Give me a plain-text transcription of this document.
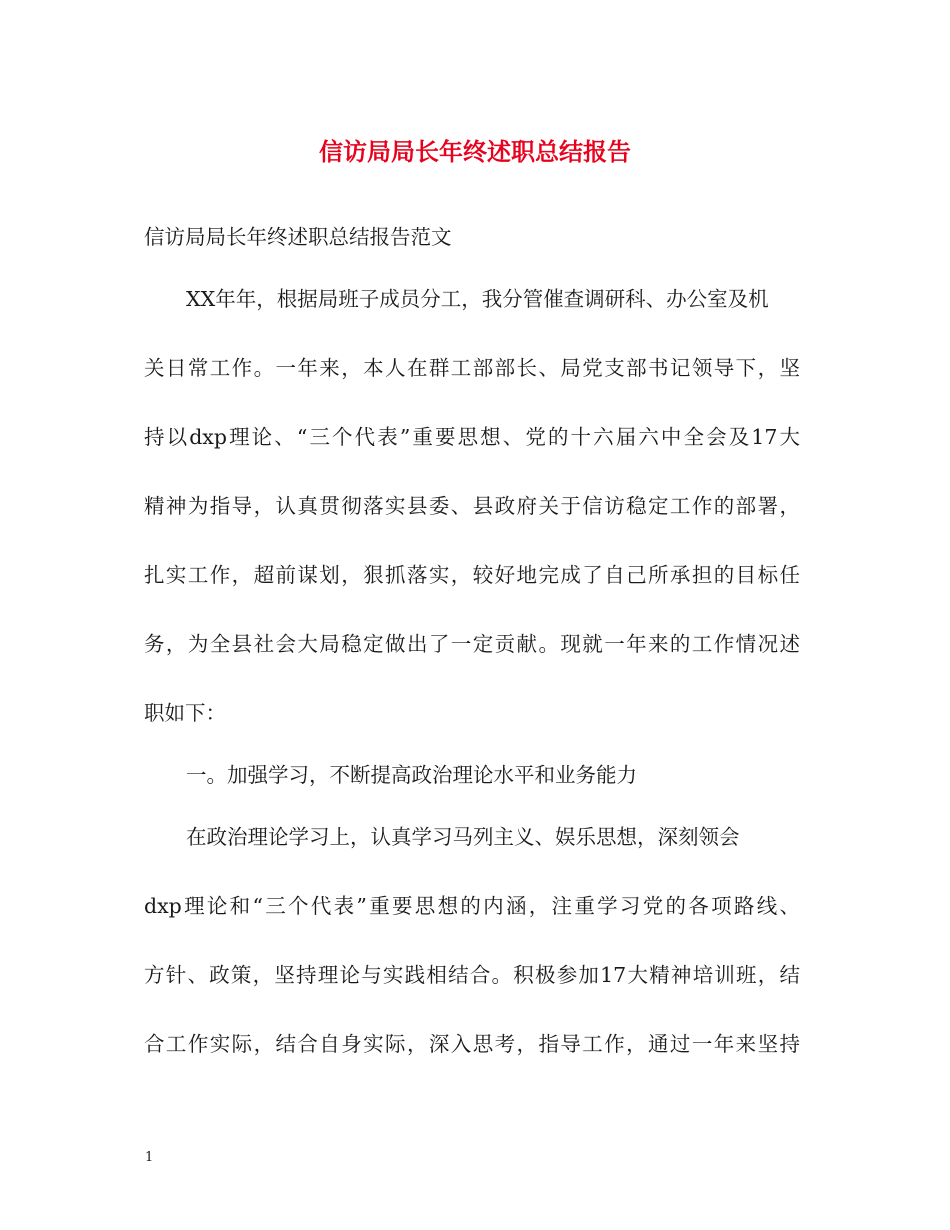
信访局局长年终述职总结报告
信访局局长年终述职总结报告范文
XX年年，根据局班子成员分工，我分管催查调研科、办公室及机
关日常工作。一年来，本人在群工部部长、局党支部书记领导下，坚
持以dxp理论、“三个代表”重要思想、党的十六届六中全会及17大
精神为指导，认真贯彻落实县委、县政府关于信访稳定工作的部署，
扎实工作，超前谋划，狠抓落实，较好地完成了自己所承担的目标任
务，为全县社会大局稳定做出了一定贡献。现就一年来的工作情况述
职如下：
一。加强学习，不断提高政治理论水平和业务能力
在政治理论学习上，认真学习马列主义、娱乐思想，深刻领会
dxp理论和“三个代表”重要思想的内涵，注重学习党的各项路线、
方针、政策，坚持理论与实践相结合。积极参加17大精神培训班，结
合工作实际，结合自身实际，深入思考，指导工作，通过一年来坚持
1
